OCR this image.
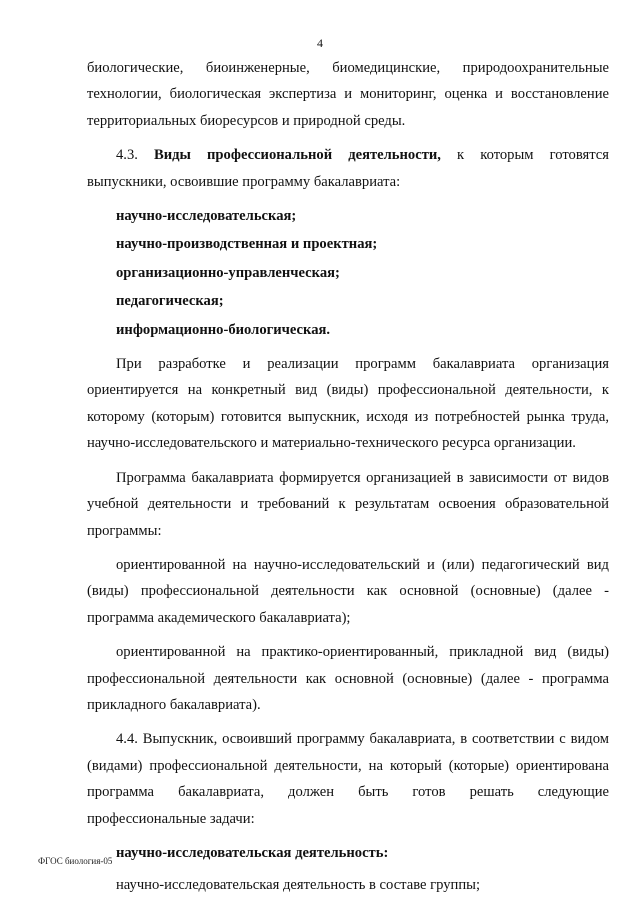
4

биологические, биоинженерные, биомедицинские, природоохранительные технологии, биологическая экспертиза и мониторинг, оценка и восстановление территориальных биоресурсов и природной среды.

4.3. Виды профессиональной деятельности, к которым готовятся выпускники, освоившие программу бакалавриата:

научно-исследовательская;

научно-производственная и проектная;

организационно-управленческая;

педагогическая;

информационно-биологическая.

При разработке и реализации программ бакалавриата организация ориентируется на конкретный вид (виды) профессиональной деятельности, к которому (которым) готовится выпускник, исходя из потребностей рынка труда, научно-исследовательского и материально-технического ресурса организации.

Программа бакалавриата формируется организацией в зависимости от видов учебной деятельности и требований к результатам освоения образовательной программы:

ориентированной на научно-исследовательский и (или) педагогический вид (виды) профессиональной деятельности как основной (основные) (далее - программа академического бакалавриата);

ориентированной на практико-ориентированный, прикладной вид (виды) профессиональной деятельности как основной (основные) (далее - программа прикладного бакалавриата).

4.4. Выпускник, освоивший программу бакалавриата, в соответствии с видом (видами) профессиональной деятельности, на который (которые) ориентирована программа бакалавриата, должен быть готов решать следующие профессиональные задачи:

научно-исследовательская деятельность:

научно-исследовательская деятельность в составе группы;

ФГОС биология-05
